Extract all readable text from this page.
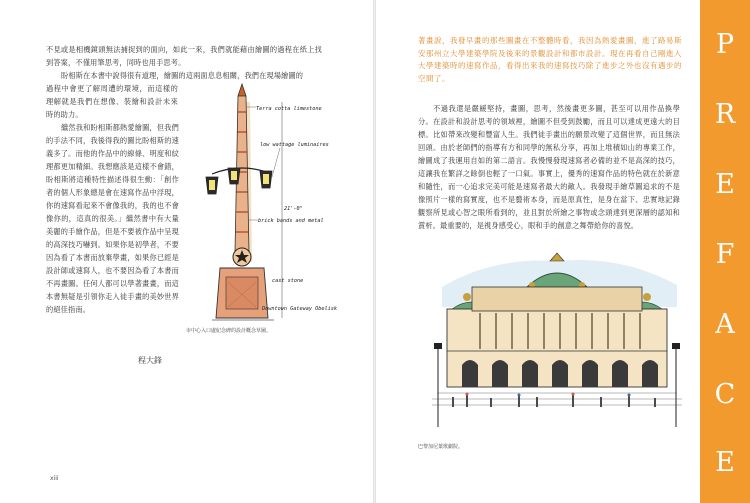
不見或是相機鏡頭無法捕捉到的面向，如此一來，我們就能藉由繪圖的過程在紙上找到答案，不僅用筆思考，同時也用手思考。

盼相斯在本書中說得很有道理，繪圖的這兩面息息相關，我們在現場繪圖的

過程中會更了解周遭的環境，而這樣的理解就是我們在想像、裝繪和設計未來時的助力。

繼然我和盼相斯都熱愛繪圖，但我們的手法不同，我後得我的圖比盼相斯的速義多了。而他的作品中的線條、明度和紋理都更加精細。我想應該是這樣不會錯，盼相斯將這種特性描述得很生動：「創作者的個人形象總是會在速寫作品中浮現，你的速寫看起來不會像我的，我的也不會像你的，這真的很美。」繼然書中有大量美麗的手繪作品，但是不要被作品中呈現的高深技巧嚇到。如果你是初學者，不要因為看了本書而放棄學畫，如果你已經是設計師或速寫人，也不要因為看了本書而不再畫圖。任何人都可以學著畫畫，而這本書無疑是引領你走入徒手畫的美妙世界的絕佳指南。

程大鋒
xiii
Terra cotta limestone
low wattage luminaires
brick bands and metal
21'-0"
cast stone
Downtown Gateway Obelisk
市中心入口處紀念碑的設計概念草圖。

著畫說，我發早畫的那些圖畫在不整體時看，我因為熱愛畫圖，進了路易斯安那州立大學建築學院及後來的景觀設計和都市設計。現在再看自己剛進入大學建築時的速寫作品，看得出來我的速寫技巧除了進步之外也沒有遇步的空間了。

不過我還是嚴緩堅持，畫圖，思考，然後畫更多圖，甚至可以用作品換學分。在設計和設計思考的領域裡，繪圖不但受到鼓勵，而且可以達成更遠大的目標。比如帶來改變和豐富人生。我們徒手畫出的願景改變了這個世界，而且無法回頭。由於老師們的指導有方和同學的無私分享，再加上堆積如山的專業工作，繪圖成了我運用自如的第二語言。我慢慢發現速寫者必備的並不是高深的技巧，這讓我在繁詳之餘倒也輕了一口氣。事實上，優秀的速寫作品的特色就在於新意和隨性，而一心追求完美可能是速寫者最大的敵人。我發現手繪草圖追求的不是像照片一樣的寫實度，也不是藝術本身，而是原真性，是身在當下、忠實地記錄觀察所見或心智之眼所看到的，並且對於所繪之事物或念頭達到更深層的認知和賞析。最重要的，是視身感受心，眼和手的創意之舞帶給你的喜悅。

巴黎加尼葉歌劇院。
P
R
E
F
A
C
E
